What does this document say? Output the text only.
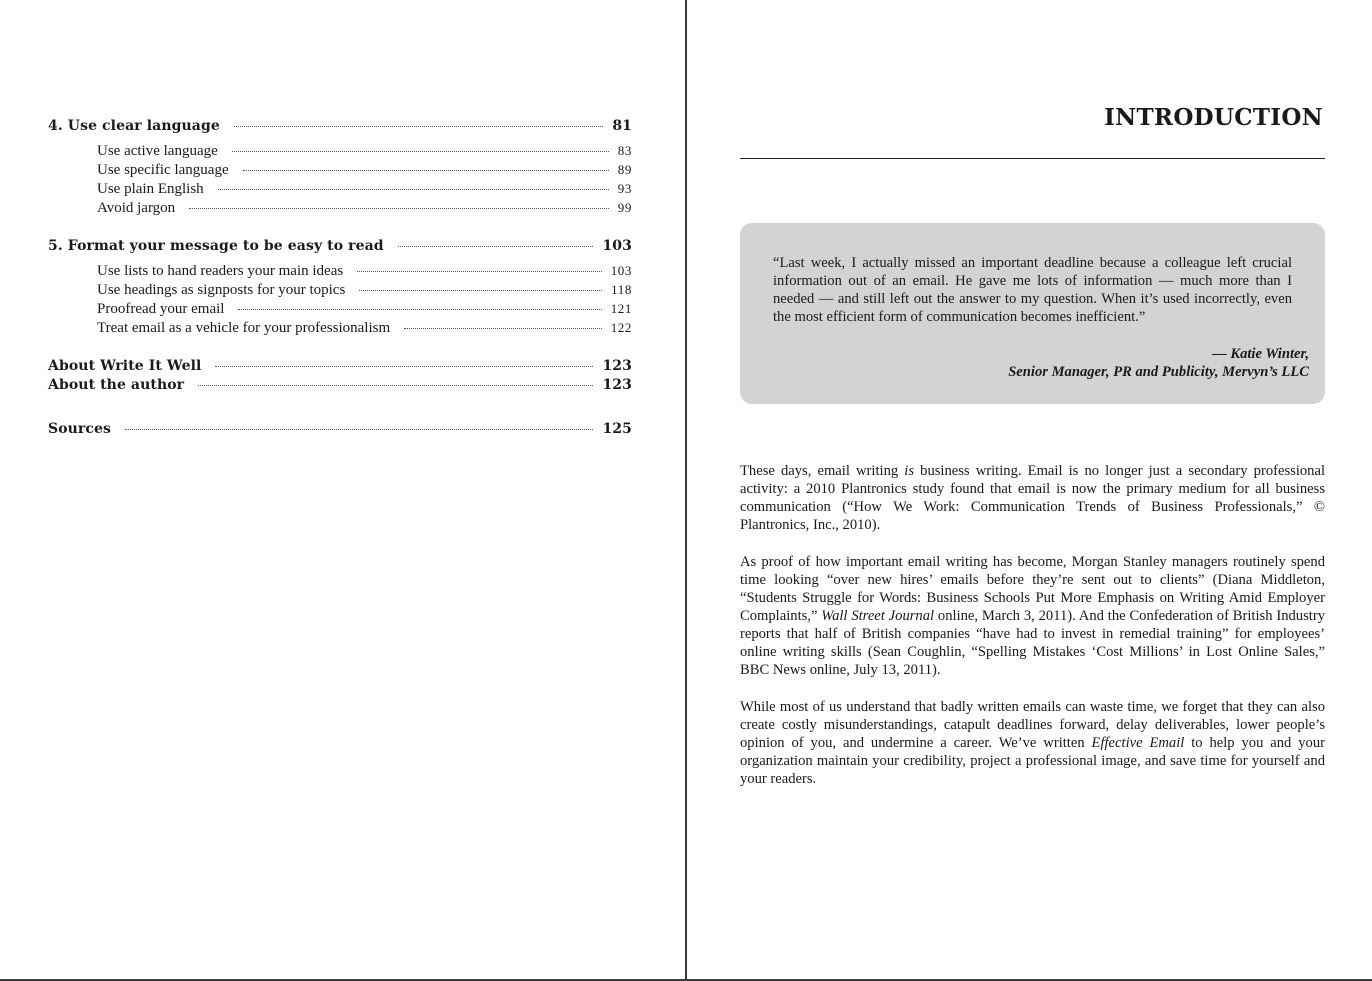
4. Use clear language	81
Use active language	83
Use specific language	89
Use plain English	93
Avoid jargon	99
5. Format your message to be easy to read	103
Use lists to hand readers your main ideas	103
Use headings as signposts for your topics	118
Proofread your email	121
Treat email as a vehicle for your professionalism	122
About Write It Well	123
About the author	123
Sources	125
INTRODUCTION
“Last week, I actually missed an important deadline because a colleague left crucial information out of an email. He gave me lots of information — much more than I needed — and still left out the answer to my question. When it’s used incorrectly, even the most efficient form of communication becomes inefficient.”
— Katie Winter,
Senior Manager, PR and Publicity, Mervyn’s LLC

These days, email writing is business writing. Email is no longer just a secondary professional activity: a 2010 Plantronics study found that email is now the primary medium for all business communication (“How We Work: Communication Trends of Business Professionals,” © Plantronics, Inc., 2010).

As proof of how important email writing has become, Morgan Stanley managers routinely spend time looking “over new hires’ emails before they’re sent out to clients” (Diana Middleton, “Students Struggle for Words: Business Schools Put More Emphasis on Writing Amid Employer Complaints,” Wall Street Journal online, March 3, 2011). And the Confederation of British Industry reports that half of British companies “have had to invest in remedial training” for employees’ online writing skills (Sean Coughlin, “Spelling Mistakes ‘Cost Millions’ in Lost Online Sales,” BBC News online, July 13, 2011).

While most of us understand that badly written emails can waste time, we forget that they can also create costly misunderstandings, catapult deadlines forward, delay deliverables, lower people’s opinion of you, and undermine a career. We’ve written Effective Email to help you and your organization maintain your credibility, project a professional image, and save time for yourself and your readers.
